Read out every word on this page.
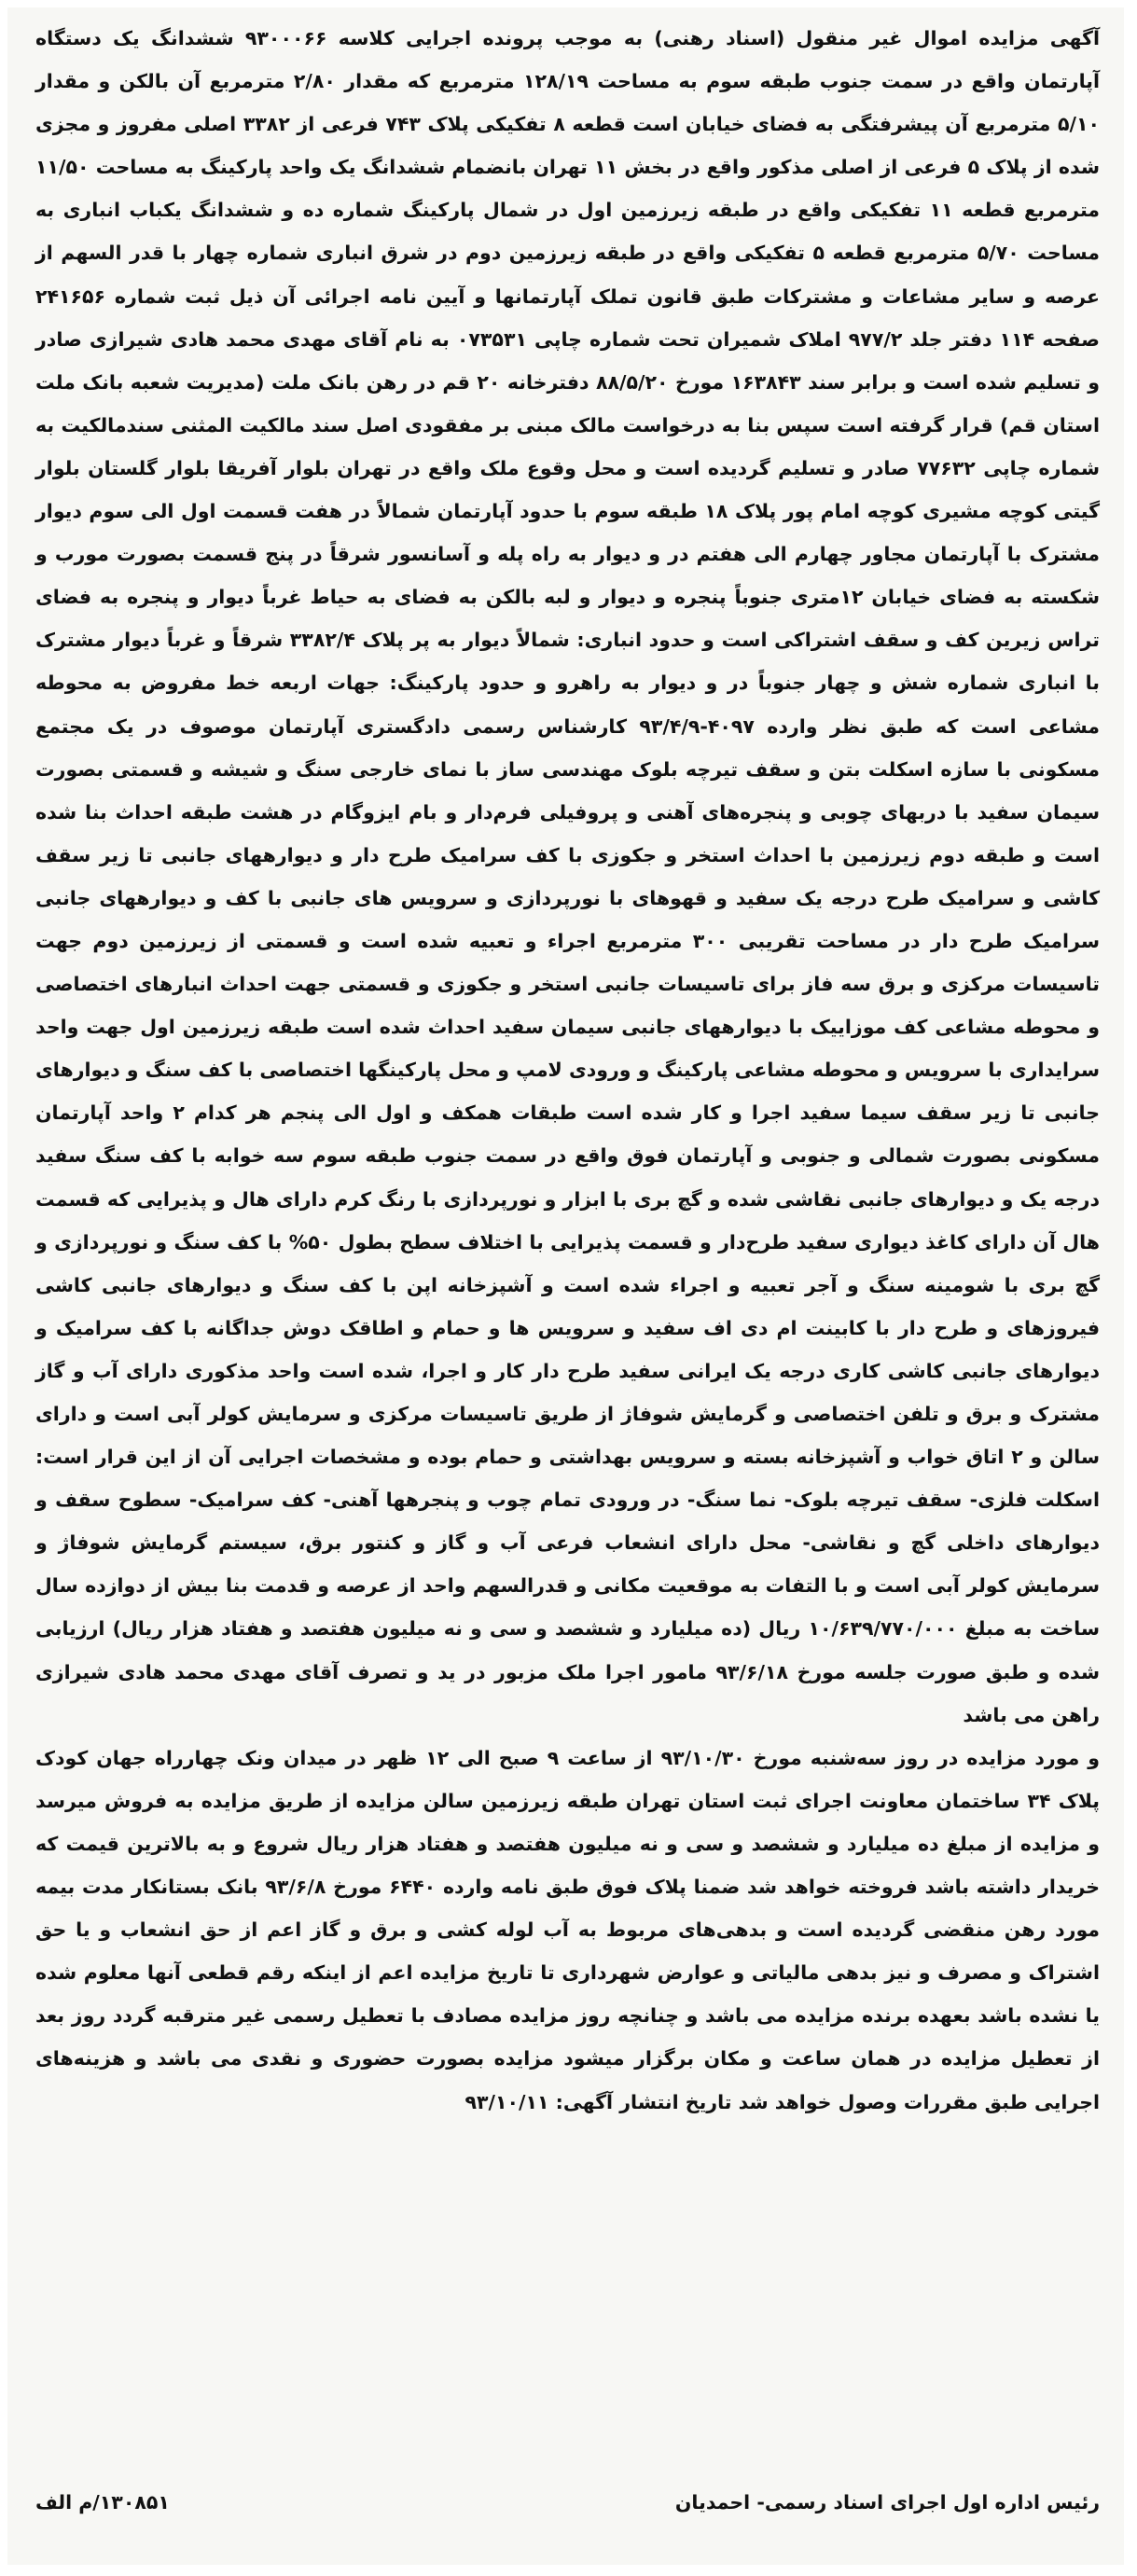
آگهی مزایده اموال غیر منقول (اسناد رهنی) به موجب پرونده اجرایی کلاسه ۹۳۰۰۰۶۶ ششدانگ یک دستگاه آپارتمان واقع در سمت جنوب طبقه سوم به مساحت ۱۲۸/۱۹ مترمربع که مقدار ۲/۸۰ مترمربع آن بالکن و مقدار ۵/۱۰ مترمربع آن پیشرفتگی به فضای خیابان است قطعه ۸ تفکیکی پلاک ۷۴۳ فرعی از ۳۳۸۲ اصلی مفروز و مجزی شده از پلاک ۵ فرعی از اصلی مذکور واقع در بخش ۱۱ تهران بانضمام ششدانگ یک واحد پارکینگ به مساحت ۱۱/۵۰ مترمربع قطعه ۱۱ تفکیکی واقع در طبقه زیرزمین اول در شمال پارکینگ شماره ده و ششدانگ یکباب انباری به مساحت ۵/۷۰ مترمربع قطعه ۵ تفکیکی واقع در طبقه زیرزمین دوم در شرق انباری شماره چهار با قدر السهم از عرصه و سایر مشاعات و مشترکات طبق قانون تملک آپارتمانها و آیین نامه اجرائی آن ذیل ثبت شماره ۲۴۱۶۵۶ صفحه ۱۱۴ دفتر جلد ۹۷۷/۲ املاک شمیران تحت شماره چاپی ۰۷۳۵۳۱ به نام آقای مهدی محمد هادی شیرازی صادر و تسلیم شده است و برابر سند ۱۶۳۸۴۳ مورخ ۸۸/۵/۲۰ دفترخانه ۲۰ قم در رهن بانک ملت (مدیریت شعبه بانک ملت استان قم) قرار گرفته است سپس بنا به درخواست مالک مبنی بر مفقودی اصل سند مالکیت المثنی سندمالکیت به شماره چاپی ۷۷۶۳۲ صادر و تسلیم گردیده است و محل وقوع ملک واقع در تهران بلوار آفریقا بلوار گلستان بلوار گیتی کوچه مشیری کوچه امام پور پلاک ۱۸ طبقه سوم با حدود آپارتمان شمالاً در هفت قسمت اول الی سوم دیوار مشترک با آپارتمان مجاور چهارم الی هفتم در و دیوار به راه پله و آسانسور شرقاً در پنج قسمت بصورت مورب و شکسته به فضای خیابان ۱۲متری جنوباً پنجره و دیوار و لبه بالکن به فضای به حیاط غرباً دیوار و پنجره به فضای تراس زیرین کف و سقف اشتراکی است و حدود انباری: شمالاً دیوار به پر پلاک ۳۳۸۲/۴ شرقاً و غرباً دیوار مشترک با انباری شماره شش و چهار جنوباً در و دیوار به راهرو و حدود پارکینگ: جهات اربعه خط مفروض به محوطه مشاعی است که طبق نظر وارده ۴۰۹۷-۹۳/۴/۹ کارشناس رسمی دادگستری آپارتمان موصوف در یک مجتمع مسکونی با سازه اسکلت بتن و سقف تیرچه بلوک مهندسی ساز با نمای خارجی سنگ و شیشه و قسمتی بصورت سیمان سفید با دربهای چوبی و پنجره‌های آهنی و پروفیلی فرم‌دار و بام ایزوگام در هشت طبقه احداث بنا شده است و طبقه دوم زیرزمین با احداث استخر و جکوزی با کف سرامیک طرح دار و دیوارههای جانبی تا زیر سقف کاشی و سرامیک طرح درجه یک سفید و قهوهای با نورپردازی و سرویس های جانبی با کف و دیوارههای جانبی سرامیک طرح دار در مساحت تقریبی ۳۰۰ مترمربع اجراء و تعبیه شده است و قسمتی از زیرزمین دوم جهت تاسیسات مرکزی و برق سه فاز برای تاسیسات جانبی استخر و جکوزی و قسمتی جهت احداث انبارهای اختصاصی و محوطه مشاعی کف موزاییک با دیوارههای جانبی سیمان سفید احداث شده است طبقه زیرزمین اول جهت واحد سرایداری با سرویس و محوطه مشاعی پارکینگ و ورودی لامپ و محل پارکینگها اختصاصی با کف سنگ و دیوارهای جانبی تا زیر سقف سیما سفید اجرا و کار شده است طبقات همکف و اول الی پنجم هر کدام ۲ واحد آپارتمان مسکونی بصورت شمالی و جنوبی و آپارتمان فوق واقع در سمت جنوب طبقه سوم سه خوابه با کف سنگ سفید درجه یک و دیوارهای جانبی نقاشی شده و گچ بری با ابزار و نورپردازی با رنگ کرم دارای هال و پذیرایی که قسمت هال آن دارای کاغذ دیواری سفید طرح‌دار و قسمت پذیرایی با اختلاف سطح بطول ۵۰% با کف سنگ و نورپردازی و گچ بری با شومینه سنگ و آجر تعبیه و اجراء شده است و آشپزخانه اپن با کف سنگ و دیوارهای جانبی کاشی فیروزهای و طرح دار با کابینت ام دی اف سفید و سرویس ها و حمام و اطاقک دوش جداگانه با کف سرامیک و دیوارهای جانبی کاشی کاری درجه یک ایرانی سفید طرح دار کار و اجرا، شده است واحد مذکوری دارای آب و گاز مشترک و برق و تلفن اختصاصی و گرمایش شوفاژ از طریق تاسیسات مرکزی و سرمایش کولر آبی است و دارای سالن و ۲ اتاق خواب و آشپزخانه بسته و سرویس بهداشتی و حمام بوده و مشخصات اجرایی آن از این قرار است: اسکلت فلزی- سقف تیرچه بلوک- نما سنگ- در ورودی تمام چوب و پنجرهها آهنی- کف سرامیک- سطوح سقف و دیوارهای داخلی گچ و نقاشی- محل دارای انشعاب فرعی آب و گاز و کنتور برق، سیستم گرمایش شوفاژ و سرمایش کولر آبی است و با التفات به موقعیت مکانی و قدرالسهم واحد از عرصه و قدمت بنا بیش از دوازده سال ساخت به مبلغ ۱۰/۶۳۹/۷۷۰/۰۰۰ ریال (ده میلیارد و ششصد و سی و نه میلیون هفتصد و هفتاد هزار ریال) ارزیابی شده و طبق صورت جلسه مورخ ۹۳/۶/۱۸ مامور اجرا ملک مزبور در ید و تصرف آقای مهدی محمد هادی شیرازی راهن می باشد

و مورد مزایده در روز سه‌شنبه مورخ ۹۳/۱۰/۳۰ از ساعت ۹ صبح الی ۱۲ ظهر در میدان ونک چهارراه جهان کودک پلاک ۳۴ ساختمان معاونت اجرای ثبت استان تهران طبقه زیرزمین سالن مزایده از طریق مزایده به فروش میرسد و مزایده از مبلغ ده میلیارد و ششصد و سی و نه میلیون هفتصد و هفتاد هزار ریال شروع و به بالاترین قیمت که خریدار داشته باشد فروخته خواهد شد ضمنا پلاک فوق طبق نامه وارده ۶۴۴۰ مورخ ۹۳/۶/۸ بانک بستانکار مدت بیمه مورد رهن منقضی گردیده است و بدهی‌های مربوط به آب لوله کشی و برق و گاز اعم از حق انشعاب و یا حق اشتراک و مصرف و نیز بدهی مالیاتی و عوارض شهرداری تا تاریخ مزایده اعم از اینکه رقم قطعی آنها معلوم شده یا نشده باشد بعهده برنده مزایده می باشد و چنانچه روز مزایده مصادف با تعطیل رسمی غیر مترقبه گردد روز بعد از تعطیل مزایده در همان ساعت و مکان برگزار میشود مزایده بصورت حضوری و نقدی می باشد و هزینه‌های اجرایی طبق مقررات وصول خواهد شد تاریخ انتشار آگهی: ۹۳/۱۰/۱۱

رئیس اداره اول اجرای اسناد رسمی- احمدیان
۱۳۰۸۵۱/م الف
